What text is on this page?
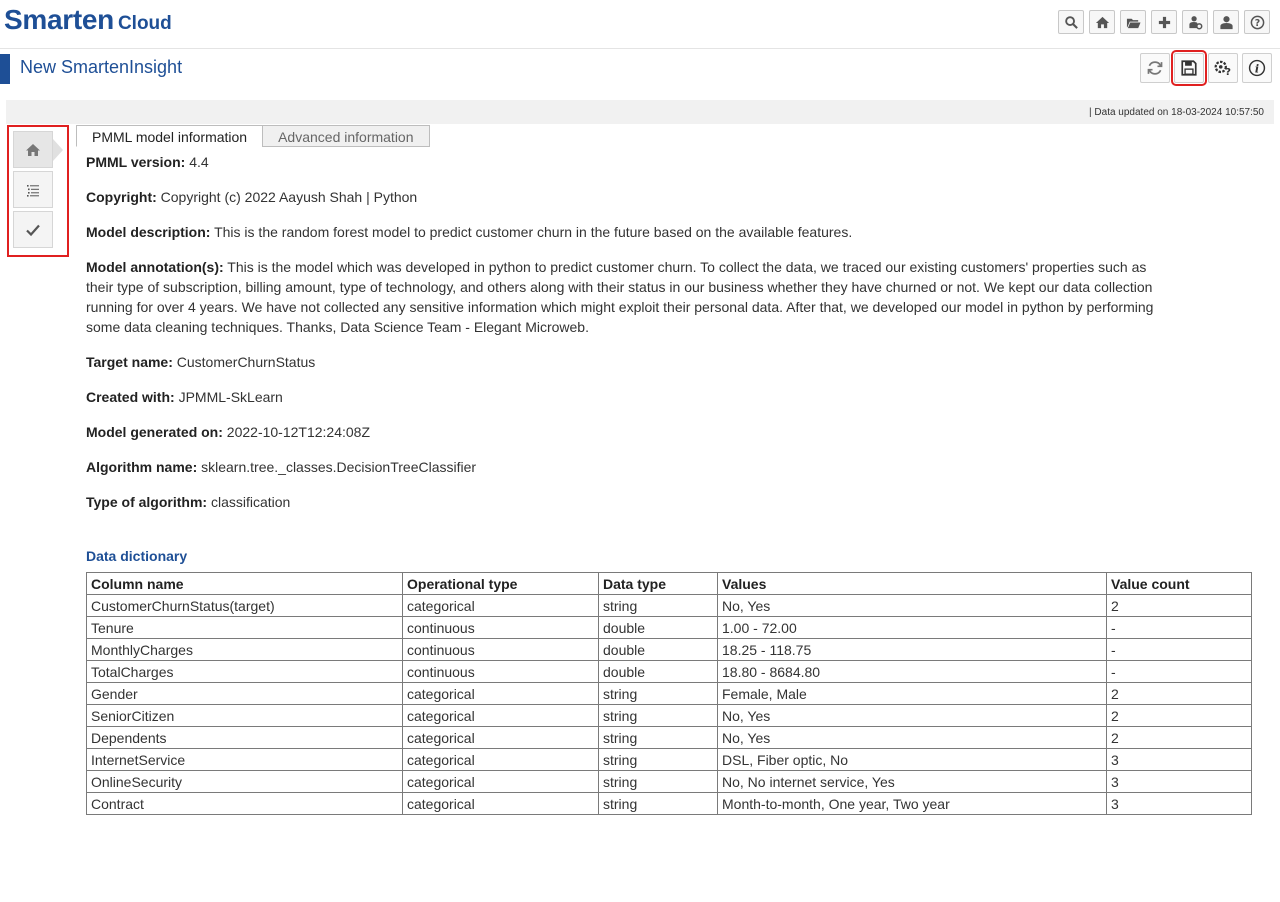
Smarten Cloud	?
New SmartenInsight	? i
| Data updated on 18-03-2024 10:57:50
PMML model information	Advanced information
PMML version: 4.4
Copyright: Copyright (c) 2022 Aayush Shah | Python
Model description: This is the random forest model to predict customer churn in the future based on the available features.
Model annotation(s): This is the model which was developed in python to predict customer churn. To collect the data, we traced our existing customers' properties such as their type of subscription, billing amount, type of technology, and others along with their status in our business whether they have churned or not. We kept our data collection running for over 4 years. We have not collected any sensitive information which might exploit their personal data. After that, we developed our model in python by performing some data cleaning techniques. Thanks, Data Science Team - Elegant Microweb.
Target name: CustomerChurnStatus
Created with: JPMML-SkLearn
Model generated on: 2022-10-12T12:24:08Z
Algorithm name: sklearn.tree._classes.DecisionTreeClassifier
Type of algorithm: classification
Data dictionary
Column name	Operational type	Data type	Values	Value count
CustomerChurnStatus(target)	categorical	string	No, Yes	2
Tenure	continuous	double	1.00 - 72.00	-
MonthlyCharges	continuous	double	18.25 - 118.75	-
TotalCharges	continuous	double	18.80 - 8684.80	-
Gender	categorical	string	Female, Male	2
SeniorCitizen	categorical	string	No, Yes	2
Dependents	categorical	string	No, Yes	2
InternetService	categorical	string	DSL, Fiber optic, No	3
OnlineSecurity	categorical	string	No, No internet service, Yes	3
Contract	categorical	string	Month-to-month, One year, Two year	3
